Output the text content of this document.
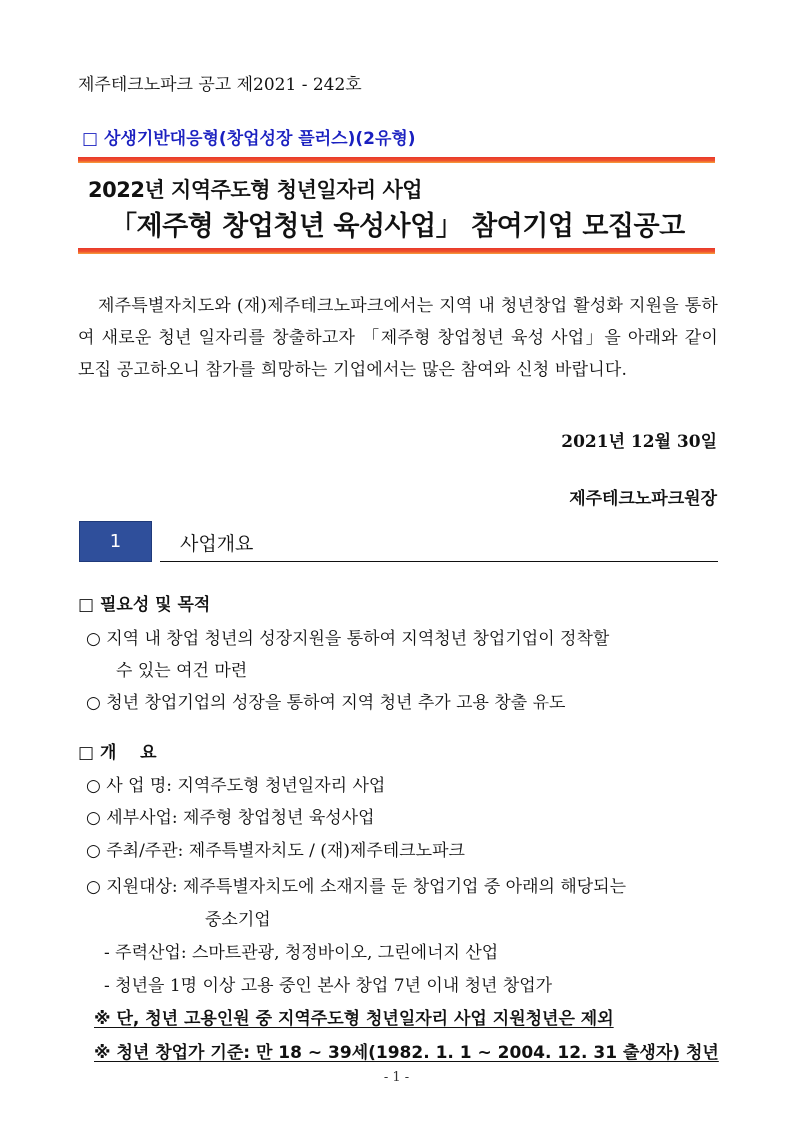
제주테크노파크 공고 제2021 - 242호
□ 상생기반대응형(창업성장 플러스)(2유형)
2022년 지역주도형 청년일자리 사업
「제주형 창업청년 육성사업」 참여기업 모집공고
제주특별자치도와 (재)제주테크노파크에서는 지역 내 청년창업 활성화 지원을 통하여 새로운 청년 일자리를 창출하고자 「제주형 창업청년 육성 사업」을 아래와 같이 모집 공고하오니 참가를 희망하는 기업에서는 많은 참여와 신청 바랍니다.
2021년 12월 30일
제주테크노파크원장
1	사업개요
□ 필요성 및 목적
○ 지역 내 창업 청년의 성장지원을 통하여 지역청년 창업기업이 정착할
수 있는 여건 마련
○ 청년 창업기업의 성장을 통하여 지역 청년 추가 고용 창출 유도
□ 개    요
○ 사 업 명: 지역주도형 청년일자리 사업
○ 세부사업: 제주형 창업청년 육성사업
○ 주최/주관: 제주특별자치도 / (재)제주테크노파크
○ 지원대상: 제주특별자치도에 소재지를 둔 창업기업 중 아래의 해당되는
중소기업
- 주력산업: 스마트관광, 청정바이오, 그린에너지 산업
- 청년을 1명 이상 고용 중인 본사 창업 7년 이내 청년 창업가
※ 단, 청년 고용인원 중 지역주도형 청년일자리 사업 지원청년은 제외
※ 청년 창업가 기준: 만 18 ~ 39세(1982. 1. 1 ~ 2004. 12. 31 출생자) 청년
- 1 -
